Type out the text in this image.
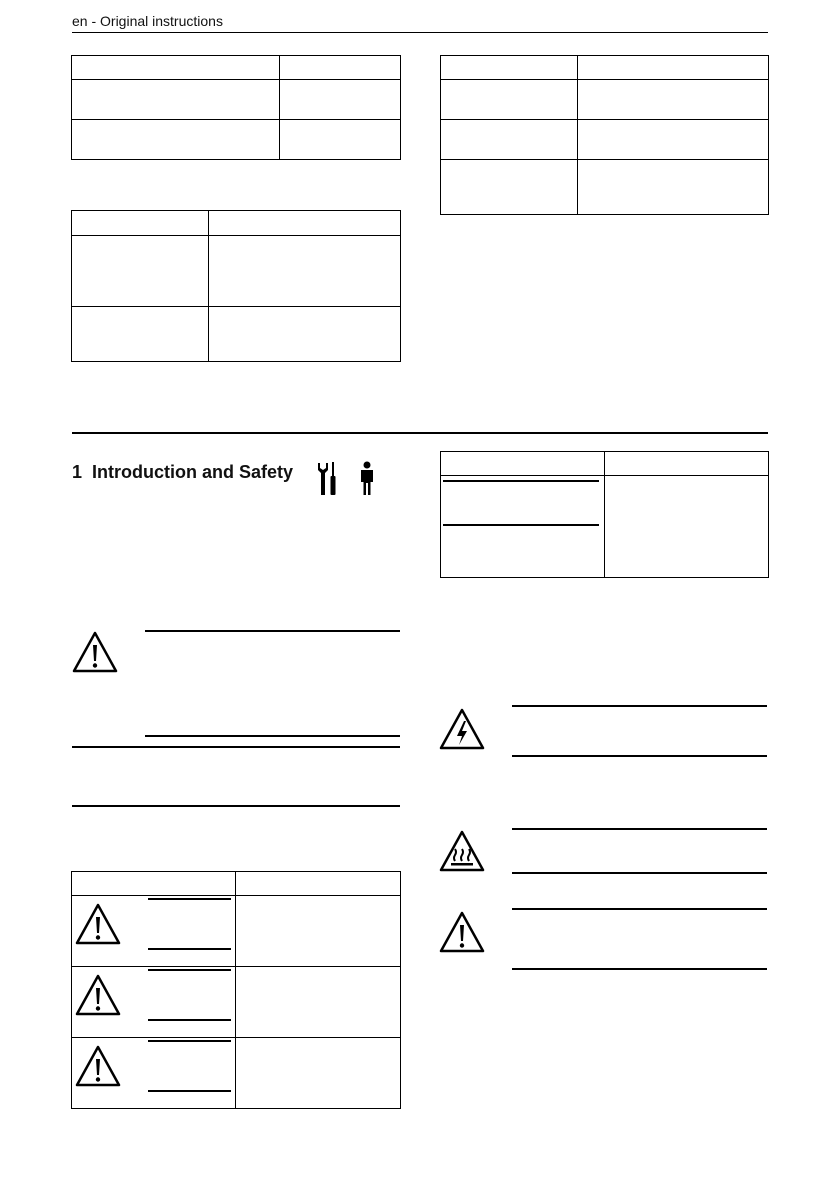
en - Original instructions

1 Introduction and Safety
